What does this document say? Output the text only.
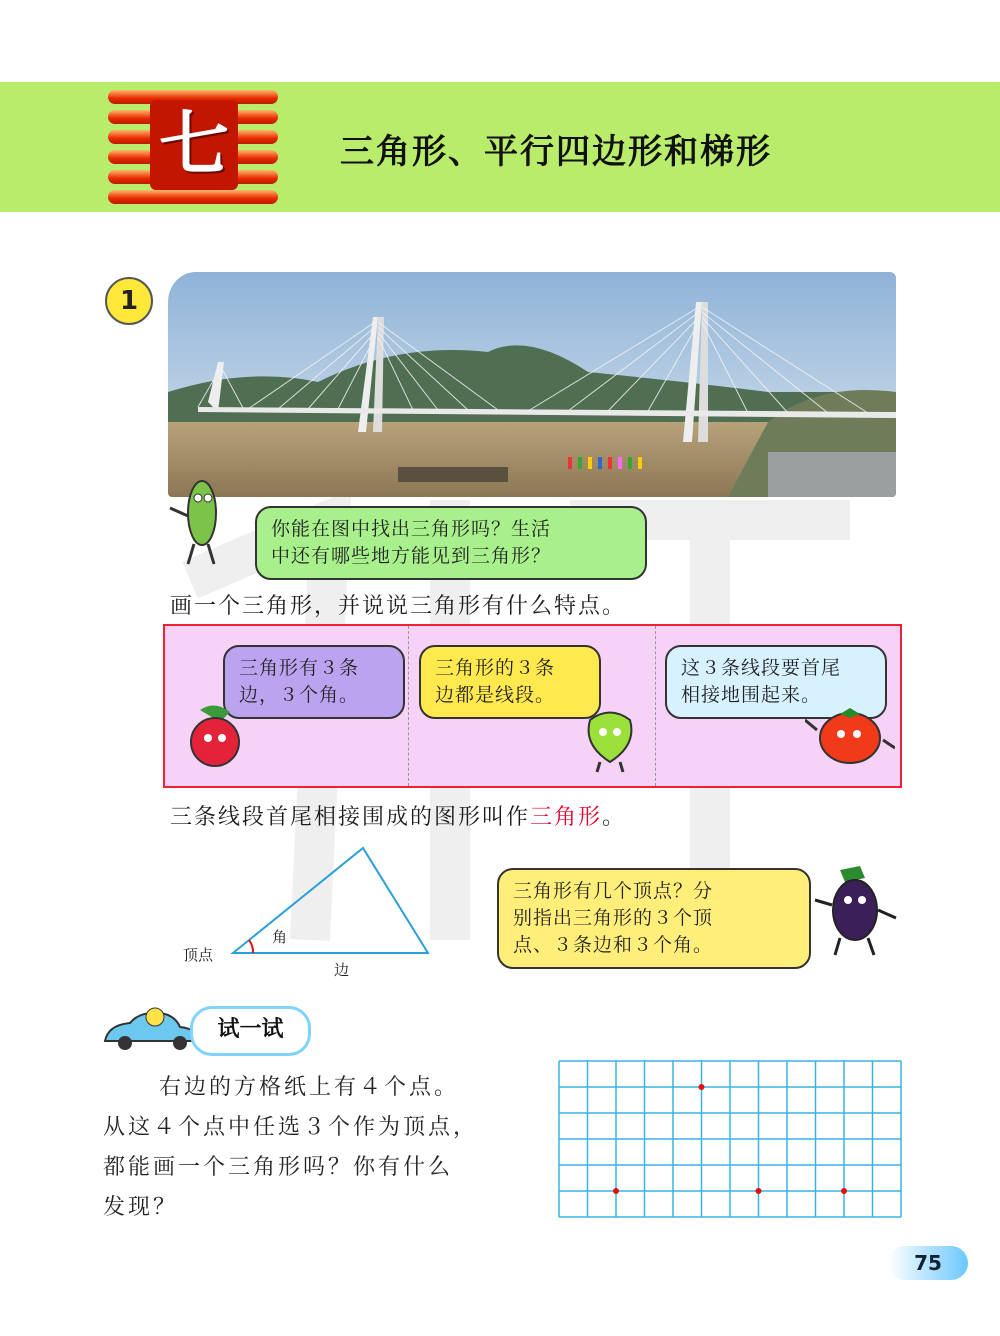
七	三角形、平行四边形和梯形
1
你能在图中找出三角形吗？生活
中还有哪些地方能见到三角形？
画一个三角形，并说说三角形有什么特点。
三角形有３条
边，３个角。
三角形的３条
边都是线段。
这３条线段要首尾
相接地围起来。
三条线段首尾相接围成的图形叫作三角形。
顶点
角
边
三角形有几个顶点？分
别指出三角形的３个顶
点、３条边和３个角。
试一试
右边的方格纸上有４个点。
从这４个点中任选３个作为顶点，
都能画一个三角形吗？你有什么
发现？
75
